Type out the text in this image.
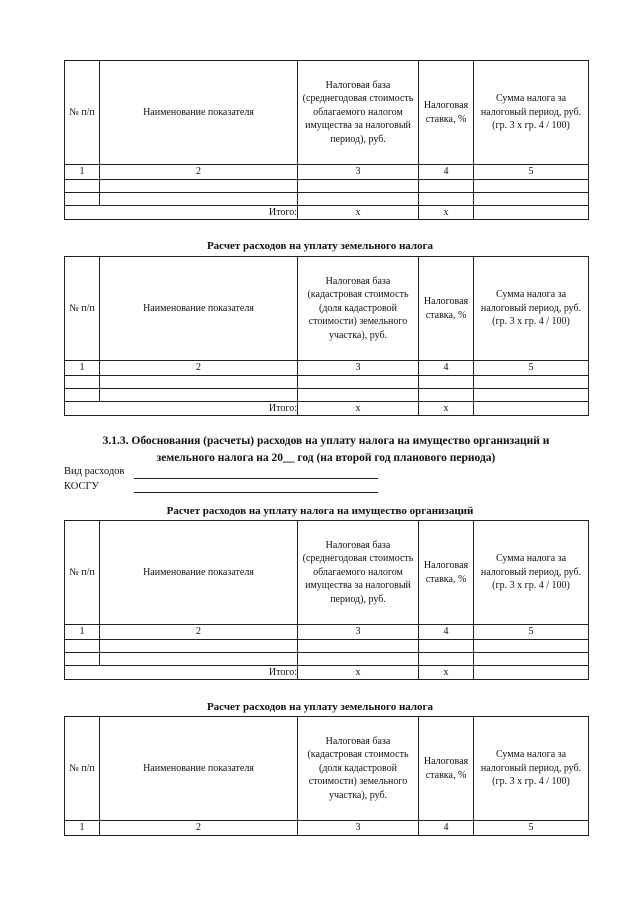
№ п/п	Наименование показателя	Налоговая база (среднегодовая стоимость облагаемого налогом имущества за налоговый период), руб.	Налоговая ставка, %	Сумма налога за налоговый период, руб. (гр. 3 x гр. 4 / 100)
1	2	3	4	5

Итого:		x	x	
Расчет расходов на уплату земельного налога
№ п/п	Наименование показателя	Налоговая база (кадастровая стоимость (доля кадастровой стоимости) земельного участка), руб.	Налоговая ставка, %	Сумма налога за налоговый период, руб. (гр. 3 x гр. 4 / 100)
1	2	3	4	5

Итого:		x	x	
3.1.3. Обоснования (расчеты) расходов на уплату налога на имущество организаций и
земельного налога на 20__ год (на второй год планового периода)
Вид расходов
КОСГУ
Расчет расходов на уплату налога на имущество организаций
№ п/п	Наименование показателя	Налоговая база (среднегодовая стоимость облагаемого налогом имущества за налоговый период), руб.	Налоговая ставка, %	Сумма налога за налоговый период, руб. (гр. 3 x гр. 4 / 100)
1	2	3	4	5

Итого:		x	x	
Расчет расходов на уплату земельного налога
№ п/п	Наименование показателя	Налоговая база (кадастровая стоимость (доля кадастровой стоимости) земельного участка), руб.	Налоговая ставка, %	Сумма налога за налоговый период, руб. (гр. 3 x гр. 4 / 100)
1	2	3	4	5
